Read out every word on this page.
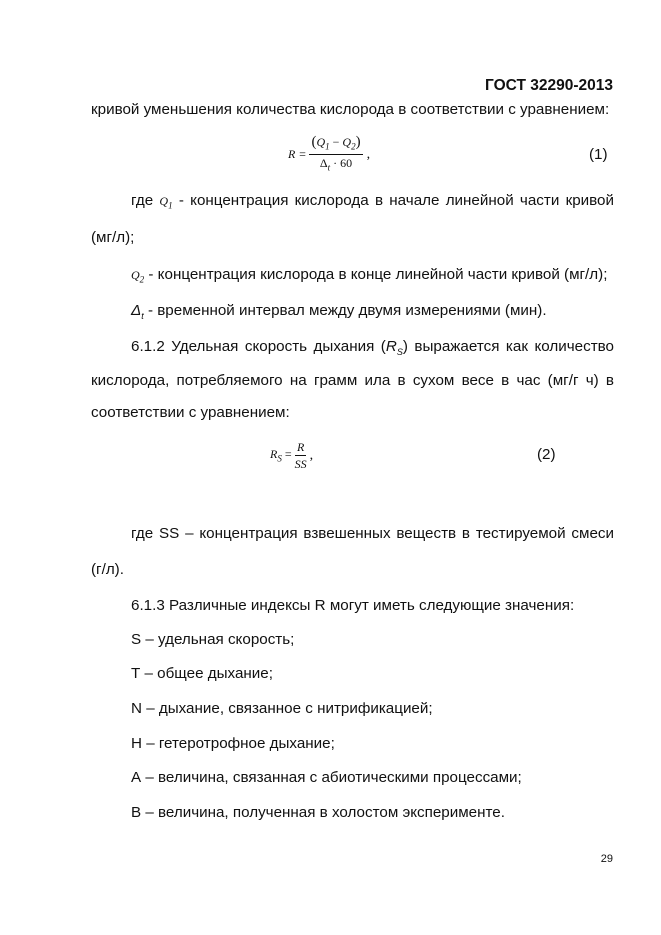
ГОСТ 32290-2013
кривой уменьшения количества кислорода в соответствии с уравнением:
R =
$\frac{(Q_1 - Q_2)}{\Delta_t \cdot 60}$ ,	(1)
где $Q_1$ - концентрация кислорода в начале линейной части кривой
(мг/л);
$Q_2$ - концентрация кислорода в конце линейной части кривой (мг/л);
$\Delta_t$ - временной интервал между двумя измерениями (мин).
6.1.2 Удельная скорость дыхания $(R_S)$ выражается как количество
кислорода, потребляемого на грамм ила в сухом весе в час (мг/г ч) в
соответствии с уравнением:
$R_S$ =
$\frac{R}{SS}$ ,	(2)
где SS – концентрация взвешенных веществ в тестируемой смеси
(г/л).
6.1.3 Различные индексы R могут иметь следующие значения:
S – удельная скорость;
Т – общее дыхание;
N – дыхание, связанное с нитрификацией;
Н – гетеротрофное дыхание;
А – величина, связанная с абиотическими процессами;
В – величина, полученная в холостом эксперименте.
29
